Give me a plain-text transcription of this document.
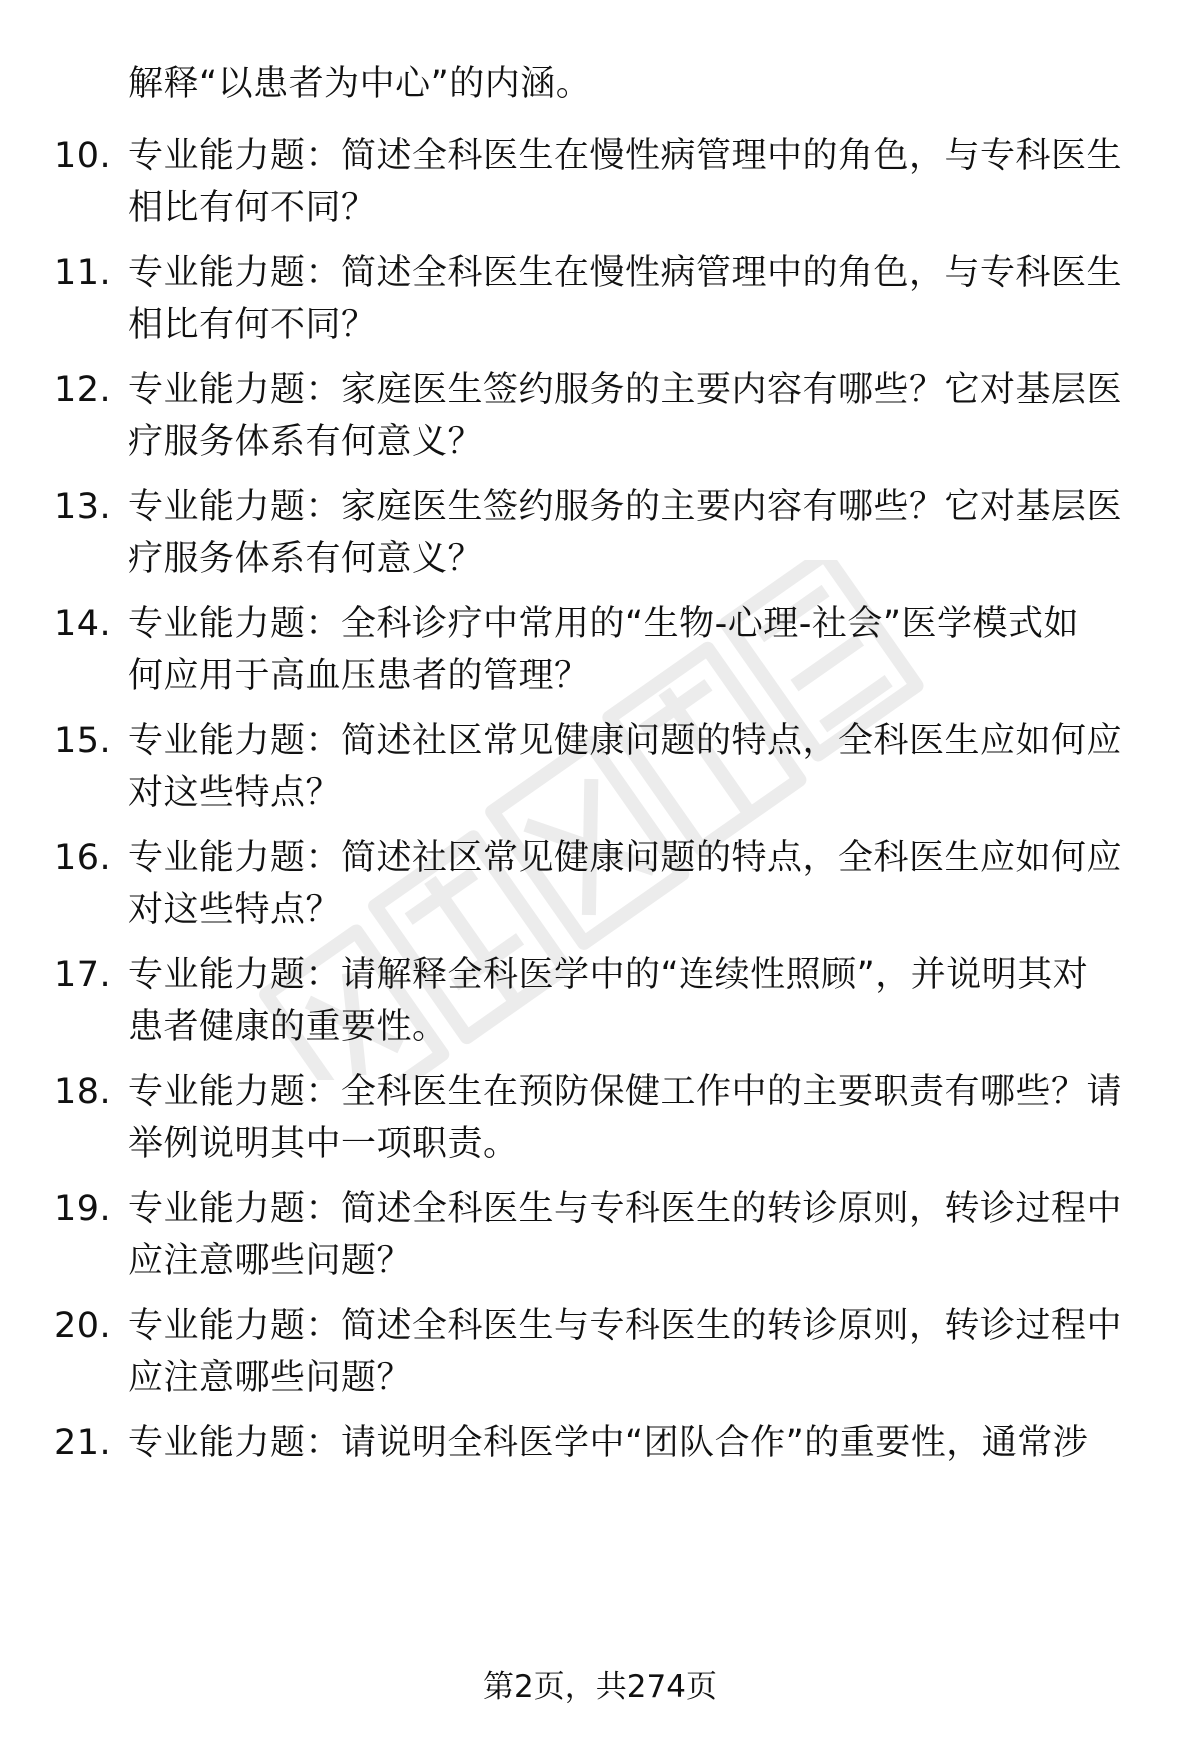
解释“以患者为中心”的内涵。
10. 专业能力题：简述全科医生在慢性病管理中的角色，与专科医生
相比有何不同？
11. 专业能力题：简述全科医生在慢性病管理中的角色，与专科医生
相比有何不同？
12. 专业能力题：家庭医生签约服务的主要内容有哪些？它对基层医
疗服务体系有何意义？
13. 专业能力题：家庭医生签约服务的主要内容有哪些？它对基层医
疗服务体系有何意义？
14. 专业能力题：全科诊疗中常用的“生物-心理-社会”医学模式如
何应用于高血压患者的管理？
15. 专业能力题：简述社区常见健康问题的特点，全科医生应如何应
对这些特点？
16. 专业能力题：简述社区常见健康问题的特点，全科医生应如何应
对这些特点？
17. 专业能力题：请解释全科医学中的“连续性照顾”，并说明其对
患者健康的重要性。
18. 专业能力题：全科医生在预防保健工作中的主要职责有哪些？请
举例说明其中一项职责。
19. 专业能力题：简述全科医生与专科医生的转诊原则，转诊过程中
应注意哪些问题？
20. 专业能力题：简述全科医生与专科医生的转诊原则，转诊过程中
应注意哪些问题？
21. 专业能力题：请说明全科医学中“团队合作”的重要性，通常涉
第2页，共274页
